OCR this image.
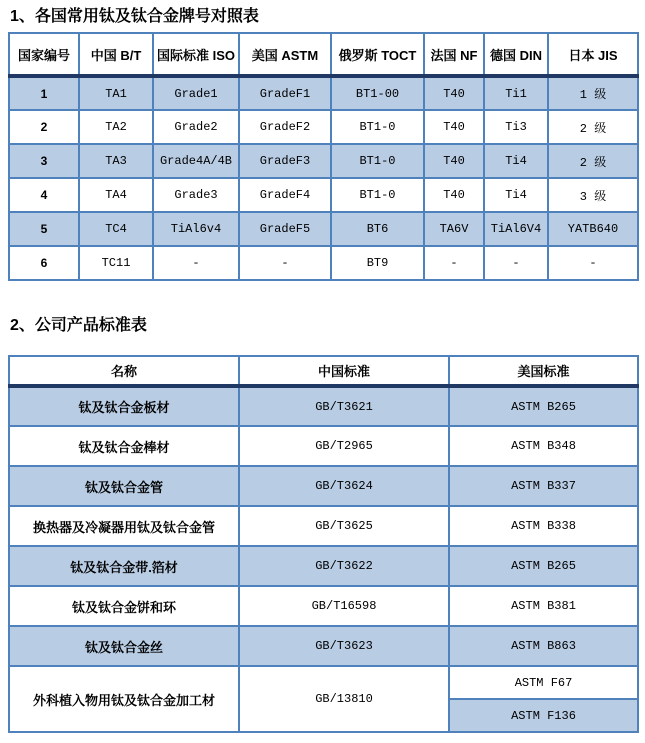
1、各国常用钛及钛合金牌号对照表
国家编号	中国 B/T	国际标准 ISO	美国 ASTM	俄罗斯 TOCT	法国 NF	德国 DIN	日本 JIS
1	TA1	Grade1	GradeF1	BT1-00	T40	Ti1	1 级
2	TA2	Grade2	GradeF2	BT1-0	T40	Ti3	2 级
3	TA3	Grade4A/4B	GradeF3	BT1-0	T40	Ti4	2 级
4	TA4	Grade3	GradeF4	BT1-0	T40	Ti4	3 级
5	TC4	TiAl6v4	GradeF5	BT6	TA6V	TiAl6V4	YATB640
6	TC11	-	-	BT9	-	-	-
2、公司产品标准表
名称	中国标准	美国标准
钛及钛合金板材	GB/T3621	ASTM B265
钛及钛合金棒材	GB/T2965	ASTM B348
钛及钛合金管	GB/T3624	ASTM B337
换热器及冷凝器用钛及钛合金管	GB/T3625	ASTM B338
钛及钛合金带.箔材	GB/T3622	ASTM B265
钛及钛合金饼和环	GB/T16598	ASTM B381
钛及钛合金丝	GB/T3623	ASTM B863
外科植入物用钛及钛合金加工材	GB/13810	ASTM F67
		ASTM F136
